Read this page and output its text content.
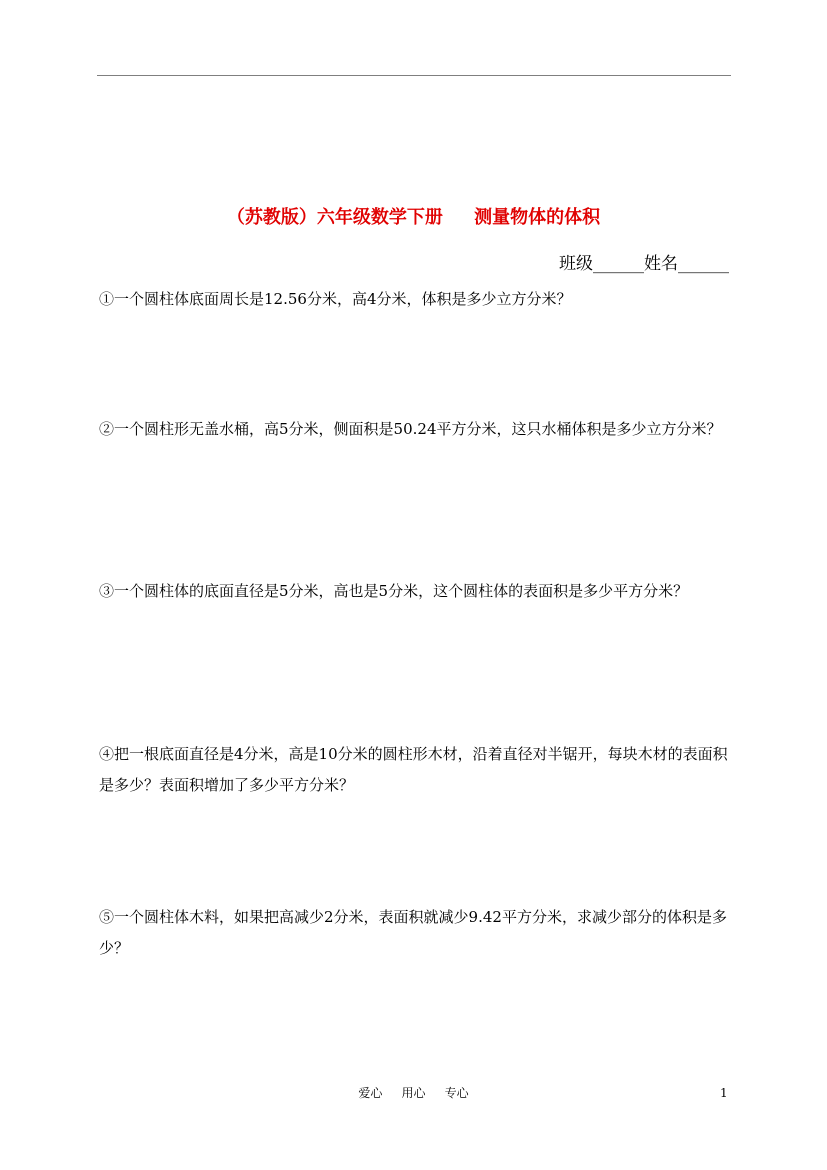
（苏教版）六年级数学下册     测量物体的体积
班级______姓名______

①一个圆柱体底面周长是12.56分米，高4分米，体积是多少立方分米？

②一个圆柱形无盖水桶，高5分米，侧面积是50.24平方分米，这只水桶体积是多少立方分米？

③一个圆柱体的底面直径是5分米，高也是5分米，这个圆柱体的表面积是多少平方分米？

④把一根底面直径是4分米，高是10分米的圆柱形木材，沿着直径对半锯开，每块木材的表面积是多少？表面积增加了多少平方分米？

⑤一个圆柱体木料，如果把高减少2分米，表面积就减少9.42平方分米，求减少部分的体积是多少？

爱心     用心     专心	1
